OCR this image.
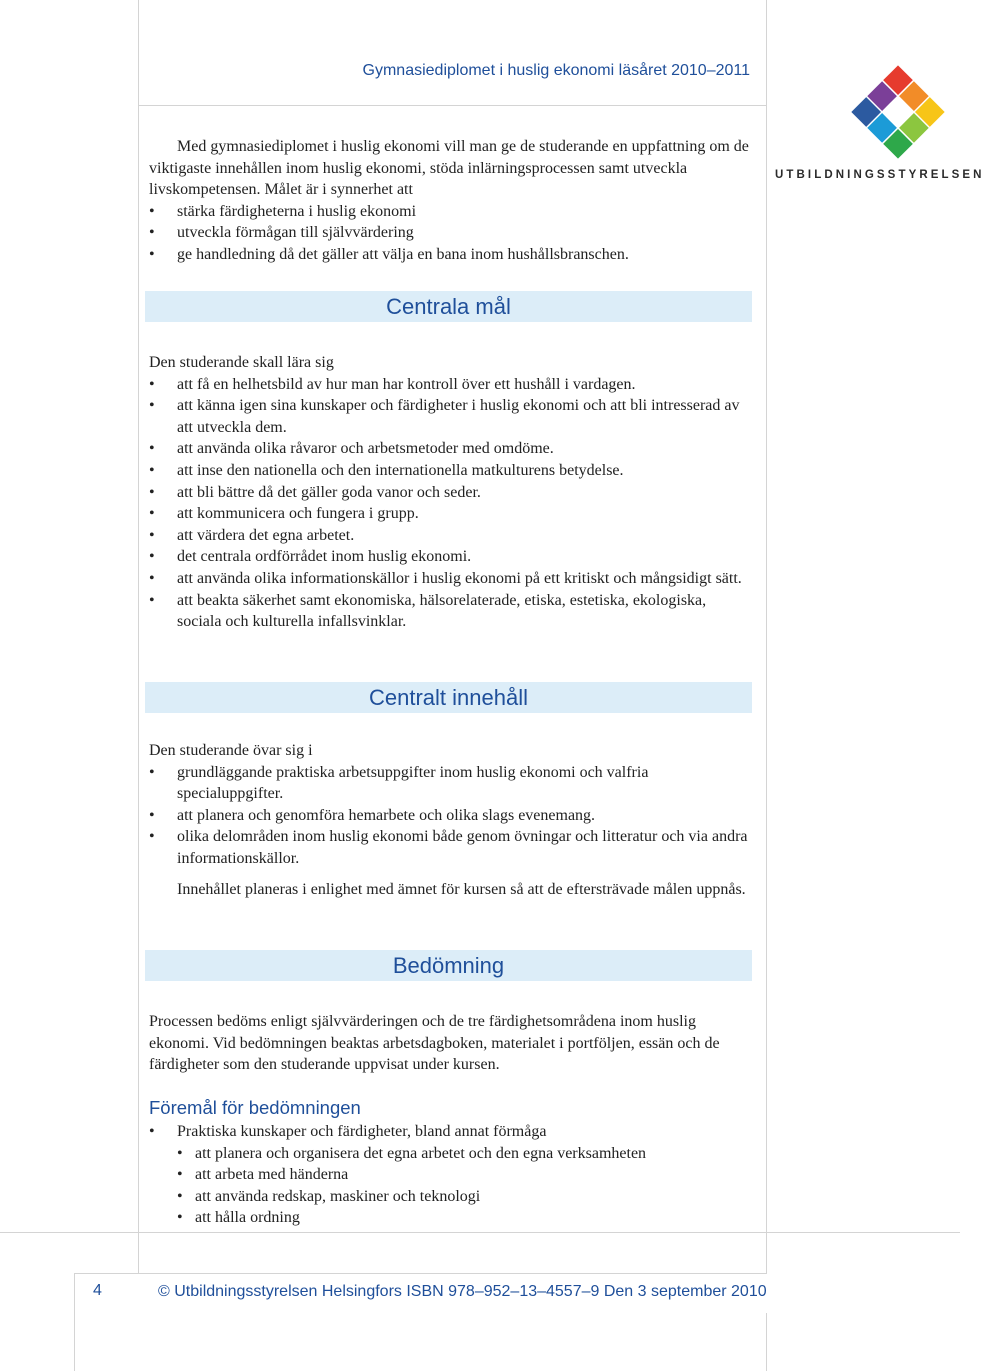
Gymnasiediplomet i huslig ekonomi läsåret 2010–2011
UTBILDNINGSSTYRELSEN

Med gymnasiediplomet i huslig ekonomi vill man ge de studerande en uppfattning om de viktigaste innehållen inom huslig ekonomi, stöda inlärningsprocessen samt utveckla livskompetensen. Målet är i synnerhet att

• stärka färdigheterna i huslig ekonomi
• utveckla förmågan till självvärdering
• ge handledning då det gäller att välja en bana inom hushållsbranschen.
Centrala mål

Den studerande skall lära sig

• att få en helhetsbild av hur man har kontroll över ett hushåll i vardagen.
• att känna igen sina kunskaper och färdigheter i huslig ekonomi och att bli intresserad av att utveckla dem.
• att använda olika råvaror och arbetsmetoder med omdöme.
• att inse den nationella och den internationella matkulturens betydelse.
• att bli bättre då det gäller goda vanor och seder.
• att kommunicera och fungera i grupp.
• att värdera det egna arbetet.
• det centrala ordförrådet inom huslig ekonomi.
• att använda olika informationskällor i huslig ekonomi på ett kritiskt och mångsidigt sätt.
• att beakta säkerhet samt ekonomiska, hälsorelaterade, etiska, estetiska, ekologiska, sociala och kulturella infallsvinklar.
Centralt innehåll

Den studerande övar sig i

• grundläggande praktiska arbetsuppgifter inom huslig ekonomi och valfria specialuppgifter.
• att planera och genomföra hemarbete och olika slags evenemang.
• olika delområden inom huslig ekonomi både genom övningar och litteratur och via andra informationskällor.

Innehållet planeras i enlighet med ämnet för kursen så att de eftersträvade målen uppnås.

Bedömning

Processen bedöms enligt självvärderingen och de tre färdighetsområdena inom huslig ekonomi. Vid bedömningen beaktas arbetsdagboken, materialet i portföljen, essän och de färdigheter som den studerande uppvisat under kursen.

Föremål för bedömningen
• Praktiska kunskaper och färdigheter, bland annat förmåga
• att planera och organisera det egna arbetet och den egna verksamheten
• att arbeta med händerna
• att använda redskap, maskiner och teknologi
• att hålla ordning
4	© Utbildningsstyrelsen Helsingfors ISBN 978–952–13–4557–9 Den 3 september 2010
